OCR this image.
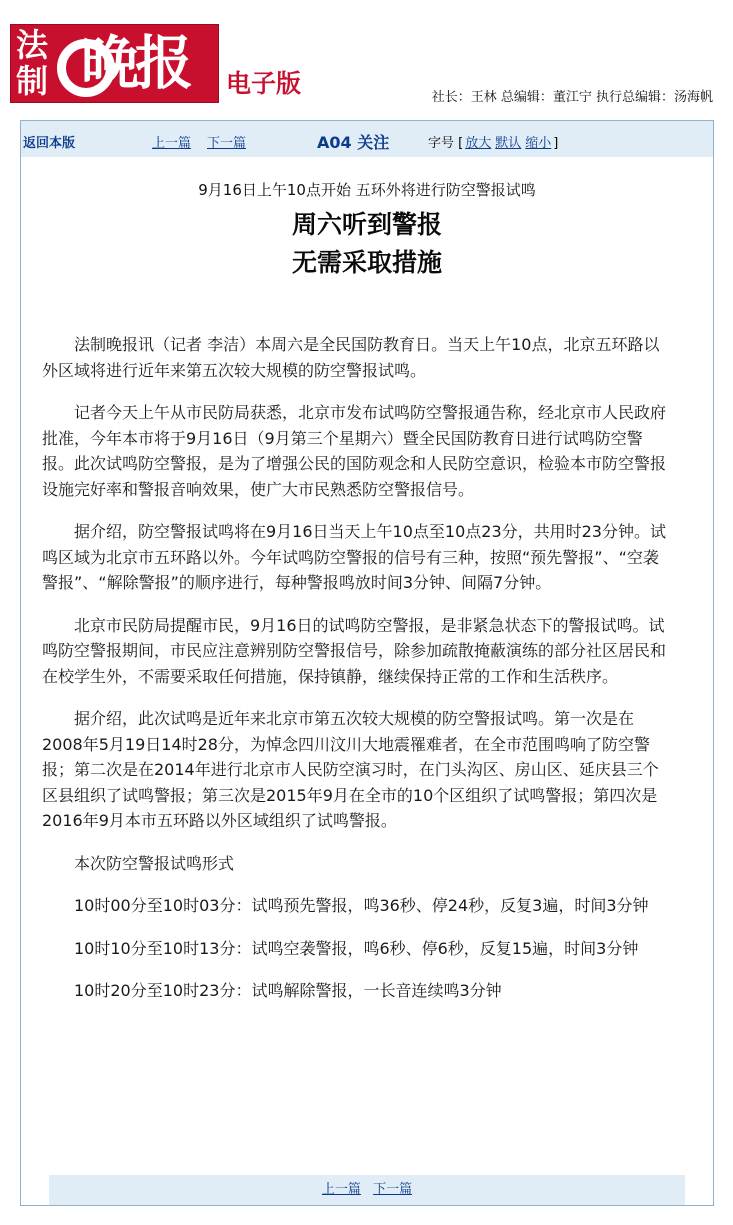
法
制 晚报 电子版	社长：王林 总编辑：董江宁 执行总编辑：汤海帆
返回本版	上一篇 下一篇	A04 关注	字号 [ 放大 默认 缩小 ]
9月16日上午10点开始 五环外将进行防空警报试鸣
周六听到警报
无需采取措施

法制晚报讯（记者 李洁）本周六是全民国防教育日。当天上午10点，北京五环路以外区域将进行近年来第五次较大规模的防空警报试鸣。

记者今天上午从市民防局获悉，北京市发布试鸣防空警报通告称，经北京市人民政府批准，今年本市将于9月16日（9月第三个星期六）暨全民国防教育日进行试鸣防空警报。此次试鸣防空警报，是为了增强公民的国防观念和人民防空意识，检验本市防空警报设施完好率和警报音响效果，使广大市民熟悉防空警报信号。

据介绍，防空警报试鸣将在9月16日当天上午10点至10点23分，共用时23分钟。试鸣区域为北京市五环路以外。今年试鸣防空警报的信号有三种，按照“预先警报”、“空袭警报”、“解除警报”的顺序进行，每种警报鸣放时间3分钟、间隔7分钟。

北京市民防局提醒市民，9月16日的试鸣防空警报，是非紧急状态下的警报试鸣。试鸣防空警报期间，市民应注意辨别防空警报信号，除参加疏散掩蔽演练的部分社区居民和在校学生外，不需要采取任何措施，保持镇静，继续保持正常的工作和生活秩序。

据介绍，此次试鸣是近年来北京市第五次较大规模的防空警报试鸣。第一次是在2008年5月19日14时28分，为悼念四川汶川大地震罹难者，在全市范围鸣响了防空警报；第二次是在2014年进行北京市人民防空演习时，在门头沟区、房山区、延庆县三个区县组织了试鸣警报；第三次是2015年9月在全市的10个区组织了试鸣警报；第四次是2016年9月本市五环路以外区域组织了试鸣警报。

本次防空警报试鸣形式

10时00分至10时03分：试鸣预先警报，鸣36秒、停24秒，反复3遍，时间3分钟

10时10分至10时13分：试鸣空袭警报，鸣6秒、停6秒，反复15遍，时间3分钟

10时20分至10时23分：试鸣解除警报，一长音连续鸣3分钟

上一篇 下一篇
